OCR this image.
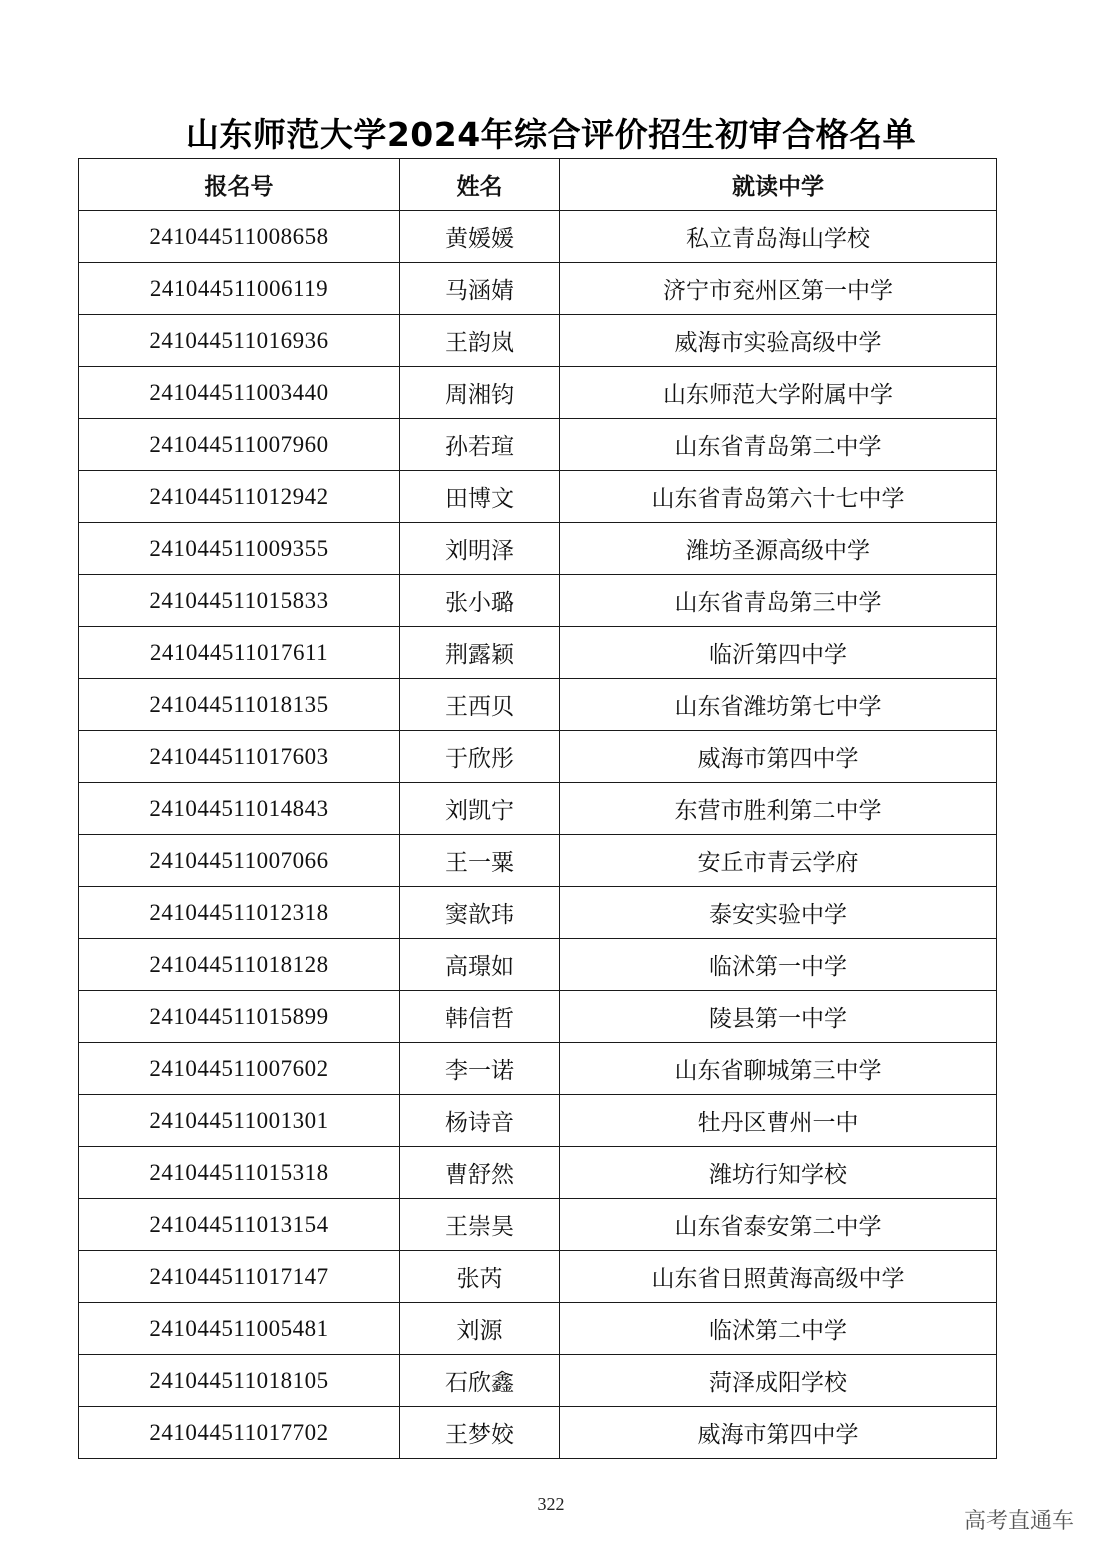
山东师范大学2024年综合评价招生初审合格名单
报名号	姓名	就读中学
241044511008658	黄媛媛	私立青岛海山学校
241044511006119	马涵婧	济宁市兖州区第一中学
241044511016936	王韵岚	威海市实验高级中学
241044511003440	周湘钧	山东师范大学附属中学
241044511007960	孙若瑄	山东省青岛第二中学
241044511012942	田博文	山东省青岛第六十七中学
241044511009355	刘明泽	潍坊圣源高级中学
241044511015833	张小璐	山东省青岛第三中学
241044511017611	荆露颖	临沂第四中学
241044511018135	王西贝	山东省潍坊第七中学
241044511017603	于欣彤	威海市第四中学
241044511014843	刘凯宁	东营市胜利第二中学
241044511007066	王一粟	安丘市青云学府
241044511012318	窦歆玮	泰安实验中学
241044511018128	高璟如	临沭第一中学
241044511015899	韩信哲	陵县第一中学
241044511007602	李一诺	山东省聊城第三中学
241044511001301	杨诗音	牡丹区曹州一中
241044511015318	曹舒然	潍坊行知学校
241044511013154	王崇昊	山东省泰安第二中学
241044511017147	张芮	山东省日照黄海高级中学
241044511005481	刘源	临沭第二中学
241044511018105	石欣鑫	菏泽成阳学校
241044511017702	王梦姣	威海市第四中学
322
高考直通车
